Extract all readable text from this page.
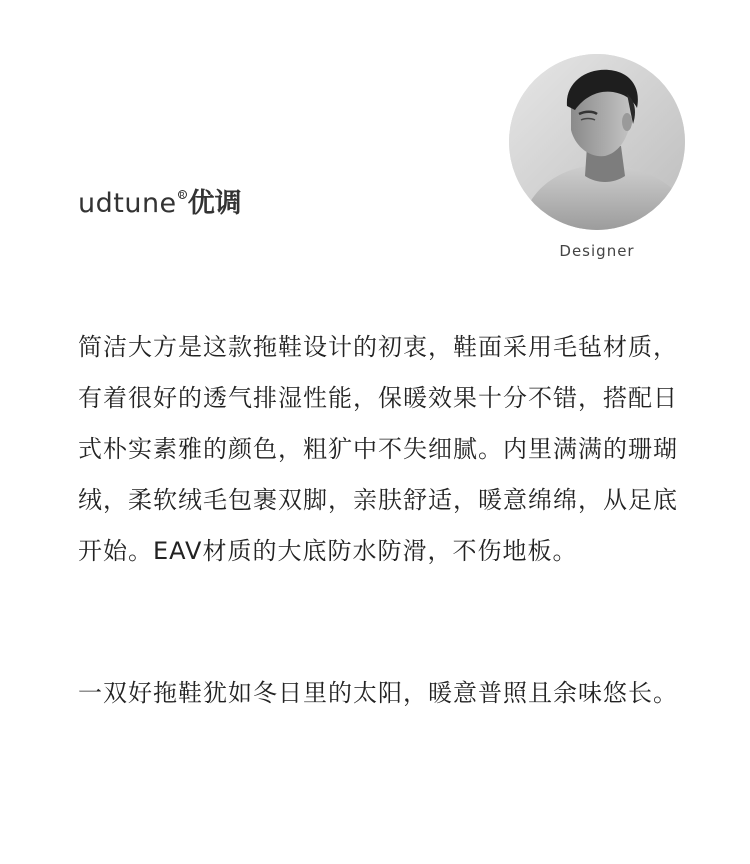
udtune R 优调
Designer

简洁大方是这款拖鞋设计的初衷，鞋面采用毛毡材质，有着很好的透气排湿性能，保暖效果十分不错，搭配日式朴实素雅的颜色，粗犷中不失细腻。内里满满的珊瑚绒，柔软绒毛包裹双脚，亲肤舒适，暖意绵绵，从足底开始。EAV材质的大底防水防滑，不伤地板。

一双好拖鞋犹如冬日里的太阳，暖意普照且余味悠长。
